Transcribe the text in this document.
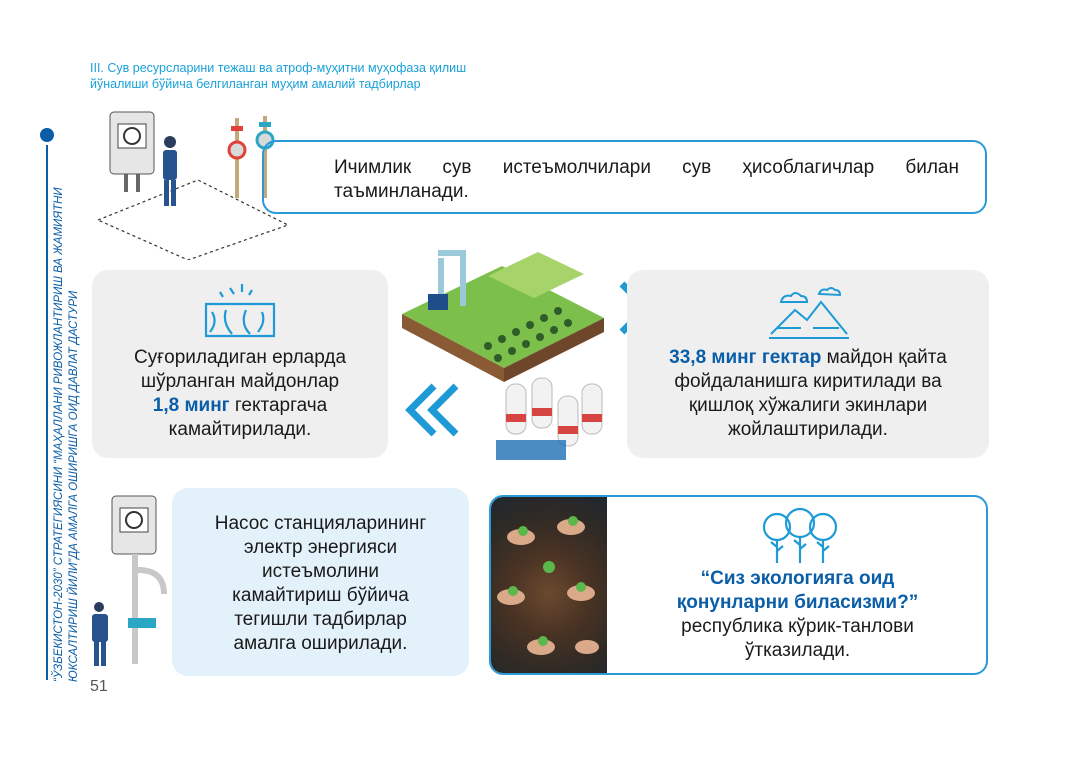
“ЎЗБЕКИСТОН-2030” СТРАТЕГИЯСИНИ “МАҲАЛЛАНИ РИВОЖЛАНТИРИШ ВА ЖАМИЯТНИ ЮКСАЛТИРИШ ЙИЛИ”ДА АМАЛГА ОШИРИШГА ОИД ДАВЛАТ ДАСТУРИ
51
III. Сув ресурсларини тежаш ва атроф-муҳитни муҳофаза қилиш
йўналиши бўйича белгиланган муҳим амалий тадбирлар
Ичимлик сув истеъмолчилари сув ҳисоблагичлар билан таъминланади.
Суғориладиган ерларда
шўрланган майдонлар
1,8 минг гектаргача
камайтирилади.
33,8 минг гектар майдон қайта
фойдаланишга киритилади ва
қишлоқ хўжалиги экинлари
жойлаштирилади.
Насос станцияларининг
электр энергияси
истеъмолини
камайтириш бўйича
тегишли тадбирлар
амалга оширилади.
“Сиз экологияга оид
қонунларни биласизми?”
республика кўрик-танлови
ўтказилади.
